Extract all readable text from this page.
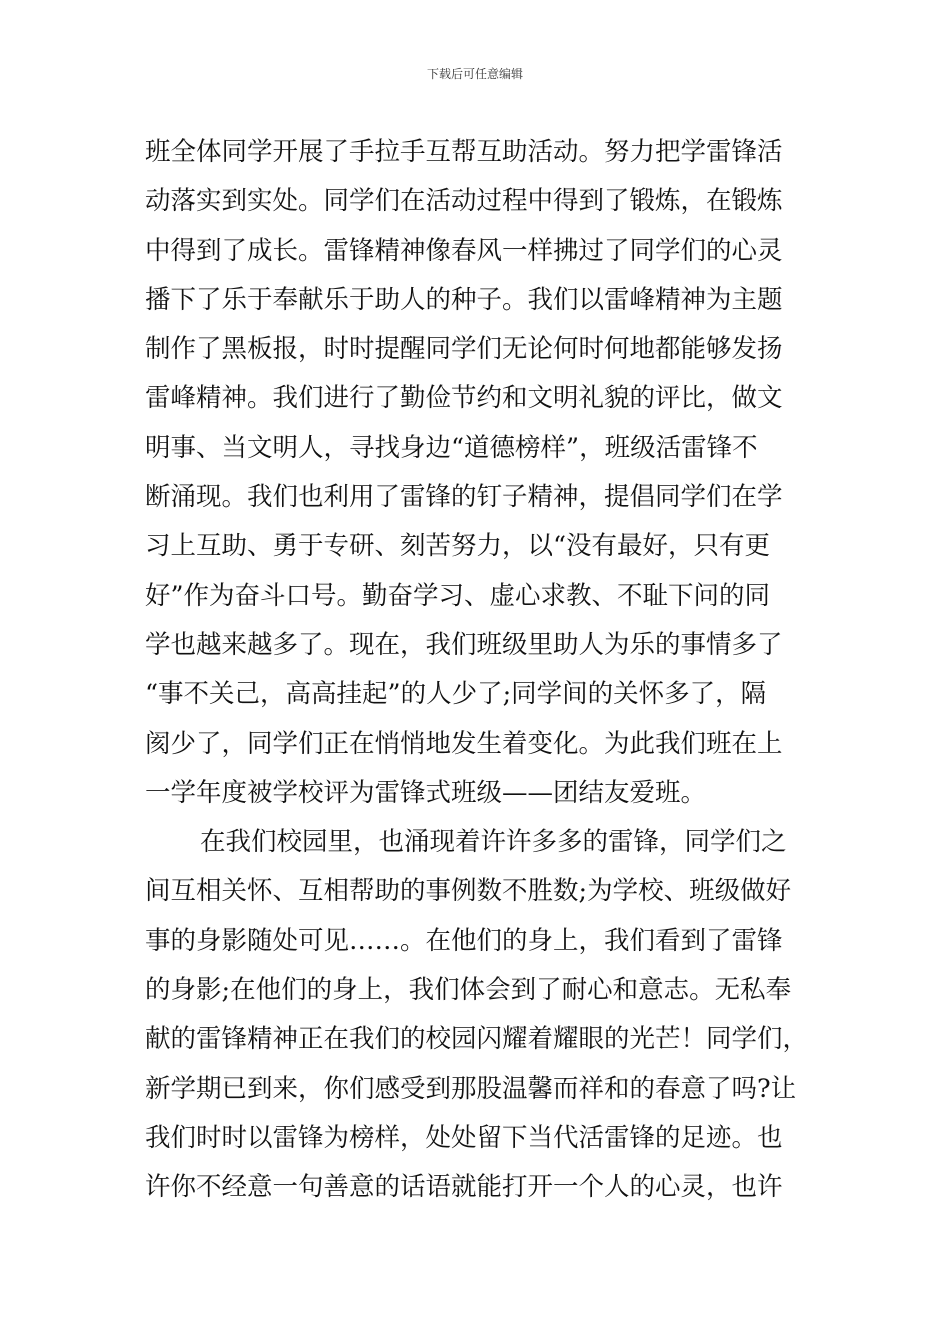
下载后可任意编辑
班全体同学开展了手拉手互帮互助活动。努力把学雷锋活
动落实到实处。同学们在活动过程中得到了锻炼，在锻炼
中得到了成长。雷锋精神像春风一样拂过了同学们的心灵
播下了乐于奉献乐于助人的种子。我们以雷峰精神为主题
制作了黑板报，时时提醒同学们无论何时何地都能够发扬
雷峰精神。我们进行了勤俭节约和文明礼貌的评比，做文
明事、当文明人，寻找身边“道德榜样”，班级活雷锋不
断涌现。我们也利用了雷锋的钉子精神，提倡同学们在学
习上互助、勇于专研、刻苦努力，以“没有最好，只有更
好”作为奋斗口号。勤奋学习、虚心求教、不耻下问的同
学也越来越多了。现在，我们班级里助人为乐的事情多了
“事不关己，高高挂起”的人少了;同学间的关怀多了，隔
阂少了，同学们正在悄悄地发生着变化。为此我们班在上
一学年度被学校评为雷锋式班级——团结友爱班。
在我们校园里，也涌现着许许多多的雷锋，同学们之
间互相关怀、互相帮助的事例数不胜数;为学校、班级做好
事的身影随处可见……。在他们的身上，我们看到了雷锋
的身影;在他们的身上，我们体会到了耐心和意志。无私奉
献的雷锋精神正在我们的校园闪耀着耀眼的光芒！同学们，
新学期已到来，你们感受到那股温馨而祥和的春意了吗?让
我们时时以雷锋为榜样，处处留下当代活雷锋的足迹。也
许你不经意一句善意的话语就能打开一个人的心灵，也许
